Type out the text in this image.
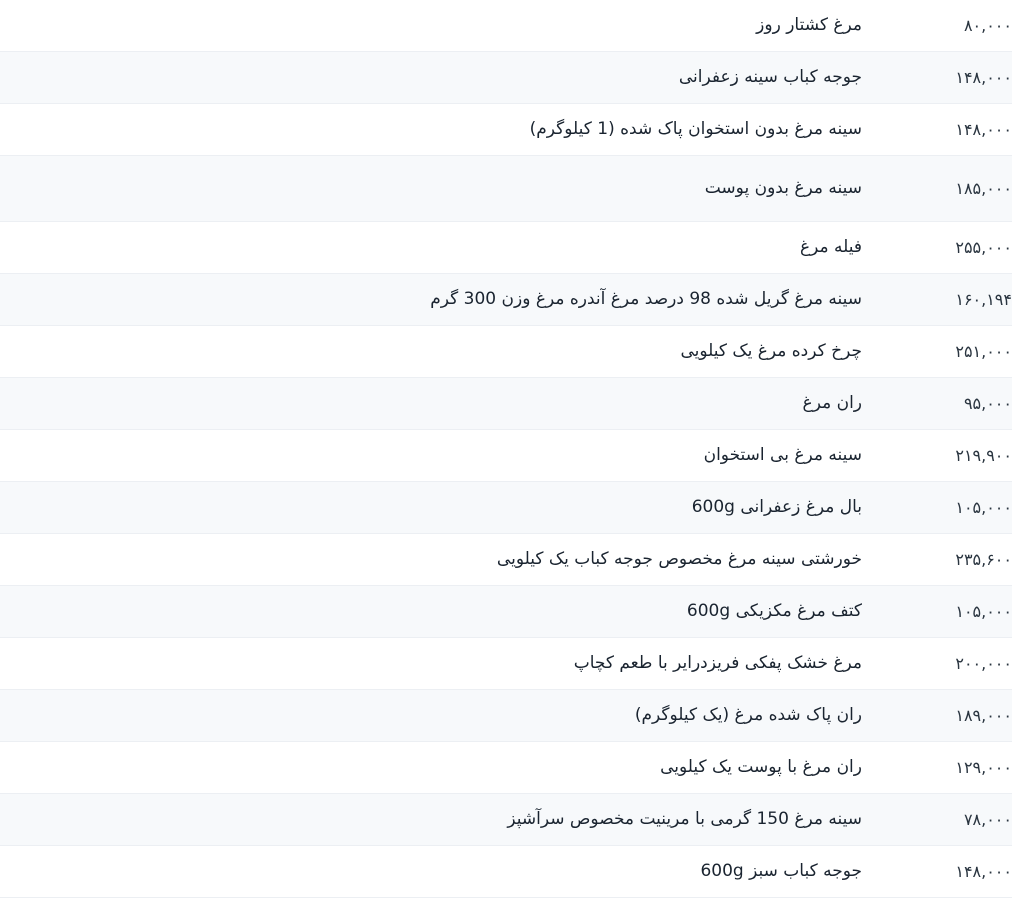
۸۰,۰۰۰	مرغ کشتار روز
۱۴۸,۰۰۰	جوجه کباب سینه زعفرانی
۱۴۸,۰۰۰	سینه مرغ بدون استخوان پاک شده (1 کیلوگرم)
۱۸۵,۰۰۰	سینه مرغ بدون پوست
۲۵۵,۰۰۰	فیله مرغ
۱۶۰,۱۹۴	سینه مرغ گریل شده 98 درصد مرغ آندره مرغ وزن 300 گرم
۲۵۱,۰۰۰	چرخ کرده مرغ یک کیلویی
۹۵,۰۰۰	ران مرغ
۲۱۹,۹۰۰	سینه مرغ بی استخوان
۱۰۵,۰۰۰	بال مرغ زعفرانی 600g
۲۳۵,۶۰۰	خورشتی سینه مرغ مخصوص جوجه کباب یک کیلویی
۱۰۵,۰۰۰	کتف مرغ مکزیکی 600g
۲۰۰,۰۰۰	مرغ خشک پفکی فریزدرایر با طعم کچاپ
۱۸۹,۰۰۰	ران پاک شده مرغ (یک کیلوگرم)
۱۲۹,۰۰۰	ران مرغ با پوست یک کیلویی
۷۸,۰۰۰	سینه مرغ 150 گرمی با مرینیت مخصوص سرآشپز
۱۴۸,۰۰۰	جوجه کباب سبز 600g
